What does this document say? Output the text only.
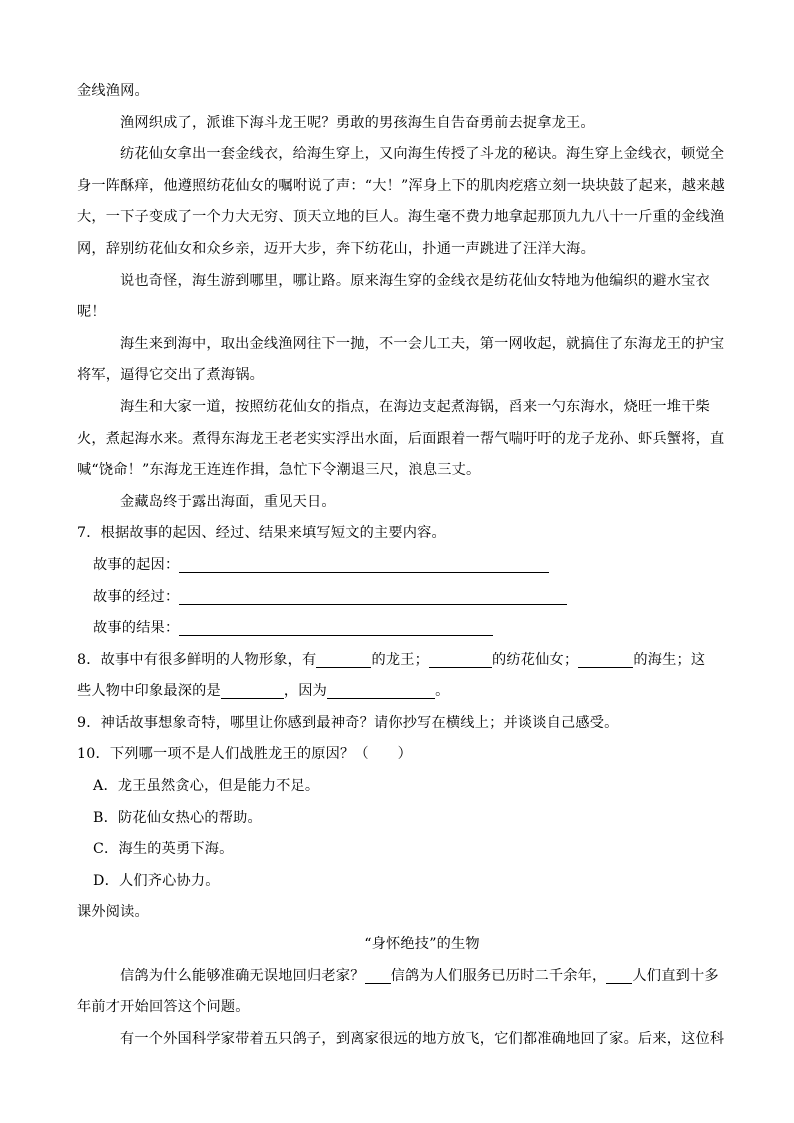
金线渔网。
渔网织成了，派谁下海斗龙王呢？勇敢的男孩海生自告奋勇前去捉拿龙王。
纺花仙女拿出一套金线衣，给海生穿上，又向海生传授了斗龙的秘诀。海生穿上金线衣，顿觉全
身一阵酥痒，他遵照纺花仙女的嘱咐说了声：“大！”浑身上下的肌肉疙瘩立刻一块块鼓了起来，越来越
大，一下子变成了一个力大无穷、顶天立地的巨人。海生毫不费力地拿起那顶九九八十一斤重的金线渔
网，辞别纺花仙女和众乡亲，迈开大步，奔下纺花山，扑通一声跳进了汪洋大海。
说也奇怪，海生游到哪里，哪让路。原来海生穿的金线衣是纺花仙女特地为他编织的避水宝衣
呢！
海生来到海中，取出金线渔网往下一抛，不一会儿工夫，第一网收起，就搞住了东海龙王的护宝
将军，逼得它交出了煮海锅。
海生和大家一道，按照纺花仙女的指点，在海边支起煮海锅，舀来一勺东海水，烧旺一堆干柴
火，煮起海水来。煮得东海龙王老老实实浮出水面，后面跟着一帮气喘吁吁的龙子龙孙、虾兵蟹将，直
喊“饶命！”东海龙王连连作揖，急忙下令潮退三尺，浪息三丈。
金藏岛终于露出海面，重见天日。
7．根据故事的起因、经过、结果来填写短文的主要内容。
故事的起因：
故事的经过：
故事的结果：
8．故事中有很多鲜明的人物形象，有	的龙王；	的纺花仙女；	的海生；这
些人物中印象最深的是	，因为	。
9．神话故事想象奇特，哪里让你感到最神奇？请你抄写在横线上；并谈谈自己感受。
10．下列哪一项不是人们战胜龙王的原因？（　　）
A．龙王虽然贪心，但是能力不足。
B．防花仙女热心的帮助。
C．海生的英勇下海。
D．人们齐心协力。
课外阅读。
“身怀绝技”的生物
信鸽为什么能够准确无误地回归老家？ 信鸽为人们服务已历时二千余年， 人们直到十多
年前才开始回答这个问题。
有一个外国科学家带着五只鸽子，到离家很远的地方放飞，它们都准确地回了家。后来，这位科
